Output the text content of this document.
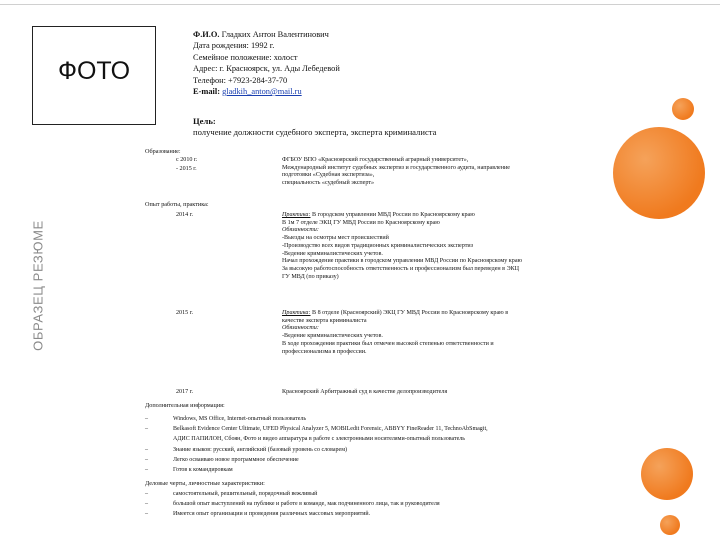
ФОТО
ОБРАЗЕЦ РЕЗЮМЕ
Ф.И.О. Гладких Антон Валентинович
Дата рождения: 1992 г.
Семейное положение: холост
Адрес: г. Красноярск, ул. Ады Лебедевой
Телефон: +7923-284-37-70
E-mail: gladkih_anton@mail.ru
Цель:
получение должности судебного эксперта, эксперта криминалиста
Образование:
с 2010 г.
- 2015 г.
ФГБОУ ВПО «Красноярский государственный аграрный университет»,
Международный институт судебных экспертиз и государственного аудита, направление
подготовки «Судебная экспертиза»,
специальность «судебный эксперт»
Опыт работы, практика:
2014 г.	Практика: В городском управлении МВД России по Красноярскому краю
В 1м 7 отделе ЭКЦ ГУ МВД России по Красноярскому краю
Обязанности:
-Выезды на осмотры мест происшествий
-Производство всех видов традиционных криминалистических экспертиз
-Ведение криминалистических учетов.
Начал прохождение практики в городском управлении МВД России по Красноярскому краю
За высокую работоспособность ответственность и профессионализм был переведен в ЭКЦ
ГУ МВД (по приказу)
2015 г.	Практика: В 8 отделе (Красноярский) ЭКЦ ГУ МВД России по Красноярскому краю в
качестве эксперта криминалиста
Обязанности:
-Ведение криминалистических учетов.
В ходе прохождения практики был отмечен высокой степенью ответственности и
профессионализма в профессии.
2017 г.	Красноярский Арбитражный суд в качестве делопроизводителя
Дополнительная информация:
–	Windows, MS Office, Internet-опытный пользователь
–	Belkasoft Evidence Center Ultimate, UFED Physical Analyzer 5, MOBILedit Forensic, ABBYY FineReader 11, TechnoAbSmagit,
АДИС ПАПИЛОН, Сбоян, Фото и видео аппаратура в работе с электронными носителями-опытный пользователь
–	Знание языков: русский, английский (базовый уровень со словарем)
–	Легко осваиваю новое программное обеспечение
–	Готов к командировкам
Деловые черты, личностные характеристики:
–	самостоятельный, решительный, порядочный вежливый
–	большой опыт выступлений на публике и работе в команде, мак подчиненного лица, так и руководителя
–	Имеется опыт организации и проведения различных массовых мероприятий.
